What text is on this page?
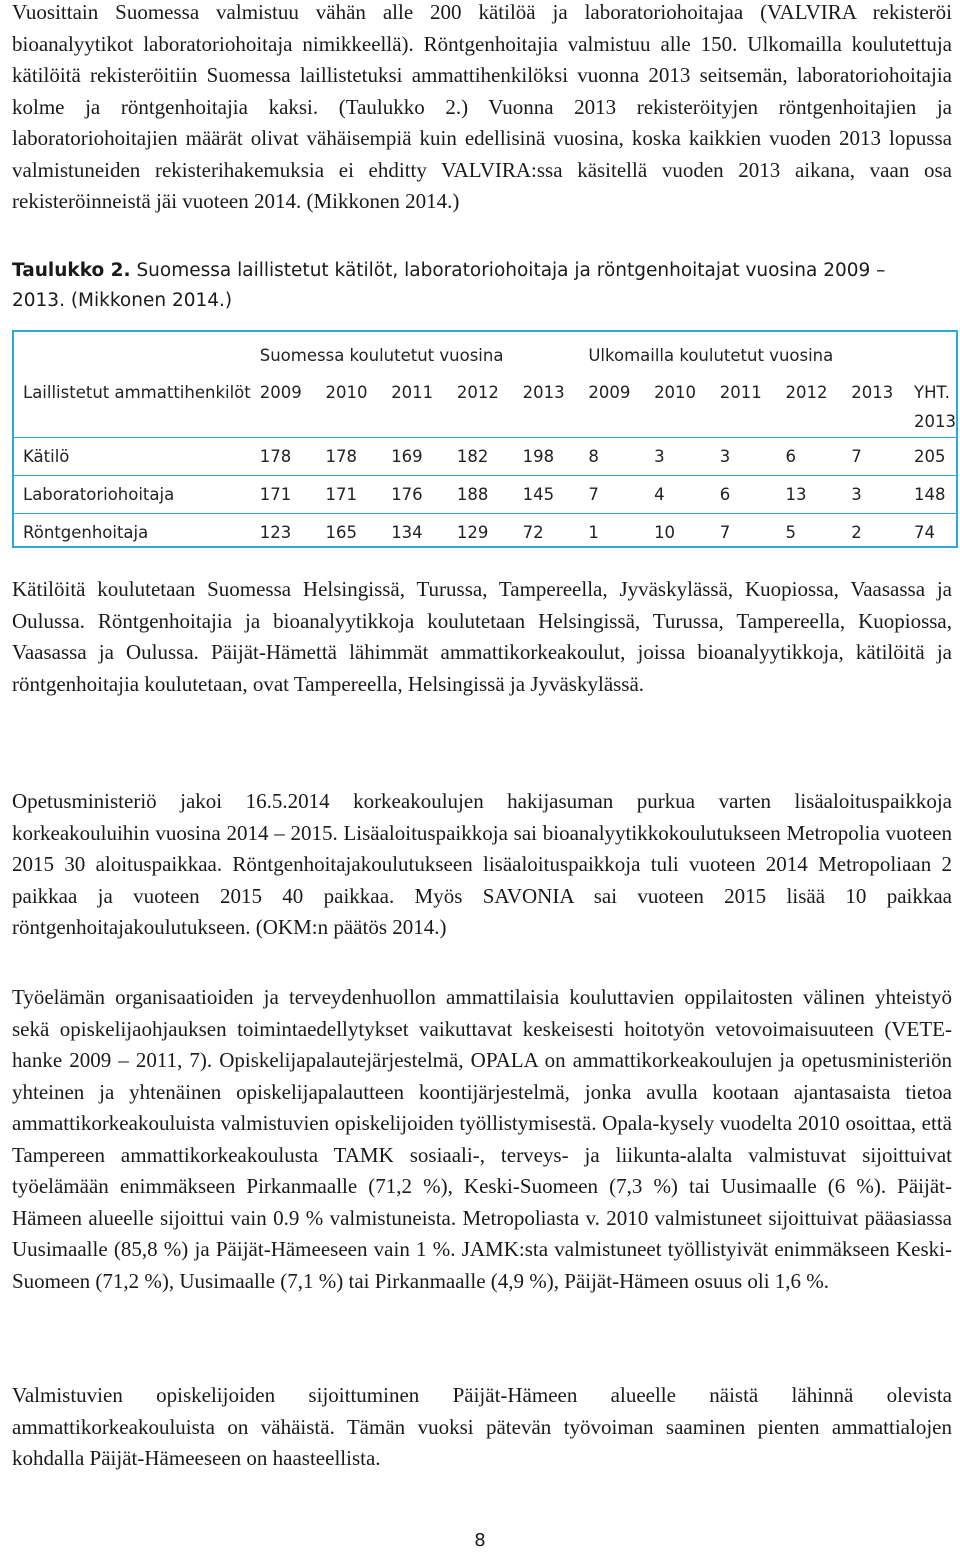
Vuosittain Suomessa valmistuu vähän alle 200 kätilöä ja laboratoriohoitajaa (VALVIRA rekisteröi bioanalyytikot laboratoriohoitaja nimikkeellä). Röntgenhoitajia valmistuu alle 150. Ulkomailla koulutettuja kätilöitä rekisteröitiin Suomessa laillistetuksi ammattihenkilöksi vuonna 2013 seitsemän, laboratoriohoitajia kolme ja röntgenhoitajia kaksi. (Taulukko 2.) Vuonna 2013 rekisteröityjen röntgenhoitajien ja laboratoriohoitajien määrät olivat vähäisempiä kuin edellisinä vuosina, koska kaikkien vuoden 2013 lopussa valmistuneiden rekisterihakemuksia ei ehditty VALVIRA:ssa käsitellä vuoden 2013 aikana, vaan osa rekisteröinneistä jäi vuoteen 2014. (Mikkonen 2014.)

Taulukko 2. Suomessa laillistetut kätilöt, laboratoriohoitaja ja röntgenhoitajat vuosina 2009 – 2013. (Mikkonen 2014.)
	Suomessa koulutetut vuosina					Ulkomailla koulutetut vuosina					
Laillistetut ammattihenkilöt	2009	2010	2011	2012	2013	2009	2010	2011	2012	2013	YHT. 2013
Kätilö	178	178	169	182	198	8	3	3	6	7	205
Laboratoriohoitaja	171	171	176	188	145	7	4	6	13	3	148
Röntgenhoitaja	123	165	134	129	72	1	10	7	5	2	74

Kätilöitä koulutetaan Suomessa Helsingissä, Turussa, Tampereella, Jyväskylässä, Kuopiossa, Vaasassa ja Oulussa. Röntgenhoitajia ja bioanalyytikkoja koulutetaan Helsingissä, Turussa, Tampereella, Kuopiossa, Vaasassa ja Oulussa. Päijät-Hämettä lähimmät ammattikorkeakoulut, joissa bioanalyytikkoja, kätilöitä ja röntgenhoitajia koulutetaan, ovat Tampereella, Helsingissä ja Jyväskylässä.

Opetusministeriö jakoi 16.5.2014 korkeakoulujen hakijasuman purkua varten lisäaloituspaikkoja korkeakouluihin vuosina 2014 – 2015. Lisäaloituspaikkoja sai bioanalyytikkokoulutukseen Metropolia vuoteen 2015 30 aloituspaikkaa. Röntgenhoitajakoulutukseen lisäaloituspaikkoja tuli vuoteen 2014 Metropoliaan 2 paikkaa ja vuoteen 2015 40 paikkaa. Myös SAVONIA sai vuoteen 2015 lisää 10 paikkaa röntgenhoitajakoulutukseen. (OKM:n päätös 2014.)

Työelämän organisaatioiden ja terveydenhuollon ammattilaisia kouluttavien oppilaitosten välinen yhteistyö sekä opiskelijaohjauksen toimintaedellytykset vaikuttavat keskeisesti hoitotyön vetovoimaisuuteen (VETE-hanke 2009 – 2011, 7). Opiskelijapalautejärjestelmä, OPALA on ammattikorkeakoulujen ja opetusministeriön yhteinen ja yhtenäinen opiskelijapalautteen koontijärjestelmä, jonka avulla kootaan ajantasaista tietoa ammattikorkeakouluista valmistuvien opiskelijoiden työllistymisestä. Opala-kysely vuodelta 2010 osoittaa, että Tampereen ammattikorkeakoulusta TAMK sosiaali-, terveys- ja liikunta-alalta valmistuvat sijoittuivat työelämään enimmäkseen Pirkanmaalle (71,2 %), Keski-Suomeen (7,3 %) tai Uusimaalle (6 %). Päijät-Hämeen alueelle sijoittui vain 0.9 % valmistuneista. Metropoliasta v. 2010 valmistuneet sijoittuivat pääasiassa Uusimaalle (85,8 %) ja Päijät-Hämeeseen vain 1 %. JAMK:sta valmistuneet työllistyivät enimmäkseen Keski-Suomeen (71,2 %), Uusimaalle (7,1 %) tai Pirkanmaalle (4,9 %), Päijät-Hämeen osuus oli 1,6 %.

Valmistuvien opiskelijoiden sijoittuminen Päijät-Hämeen alueelle näistä lähinnä olevista ammattikorkeakouluista on vähäistä. Tämän vuoksi pätevän työvoiman saaminen pienten ammattialojen kohdalla Päijät-Hämeeseen on haasteellista.

8
